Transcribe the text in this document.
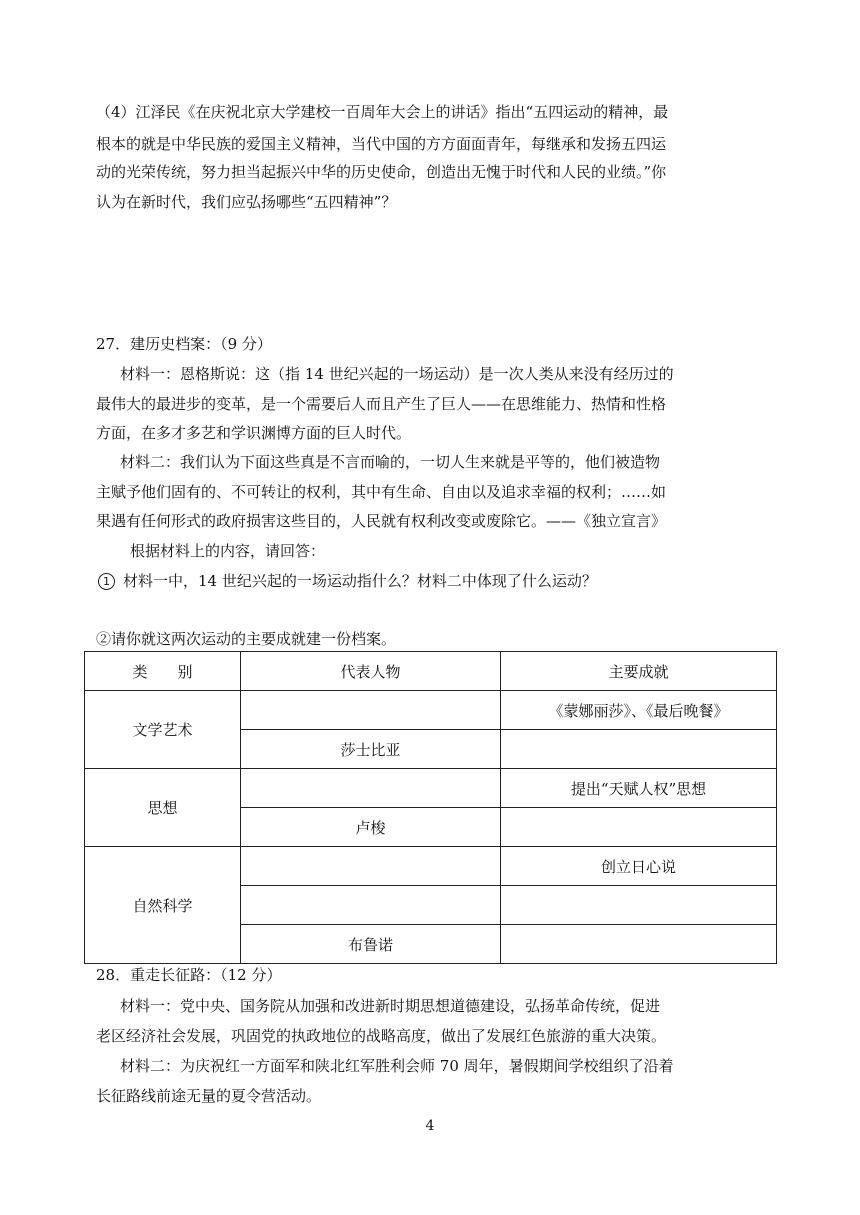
（4）江泽民《在庆祝北京大学建校一百周年大会上的讲话》指出“五四运动的精神，最
根本的就是中华民族的爱国主义精神，当代中国的方方面面青年，每继承和发扬五四运
动的光荣传统，努力担当起振兴中华的历史使命，创造出无愧于时代和人民的业绩。”你
认为在新时代，我们应弘扬哪些“五四精神”？
27．建历史档案：（9 分）
材料一：恩格斯说：这（指 14 世纪兴起的一场运动）是一次人类从来没有经历过的
最伟大的最进步的变革，是一个需要后人而且产生了巨人——在思维能力、热情和性格
方面，在多才多艺和学识渊博方面的巨人时代。
材料二：我们认为下面这些真是不言而喻的，一切人生来就是平等的，他们被造物
主赋予他们固有的、不可转让的权利，其中有生命、自由以及追求幸福的权利；……如
果遇有任何形式的政府损害这些目的，人民就有权利改变或废除它。——《独立宣言》
根据材料上的内容，请回答：
1 材料一中，14 世纪兴起的一场运动指什么？材料二中体现了什么运动？
②请你就这两次运动的主要成就建一份档案。
类　　别	代表人物	主要成就
文学艺术		《蒙娜丽莎》、《最后晚餐》
	莎士比亚	
思想		提出“天赋人权”思想
	卢梭	
自然科学		创立日心说

	布鲁诺	
28．重走长征路：（12 分）
材料一：党中央、国务院从加强和改进新时期思想道德建设，弘扬革命传统，促进
老区经济社会发展，巩固党的执政地位的战略高度，做出了发展红色旅游的重大决策。
材料二：为庆祝红一方面军和陕北红军胜利会师 70 周年，暑假期间学校组织了沿着
长征路线前途无量的夏令营活动。
4
